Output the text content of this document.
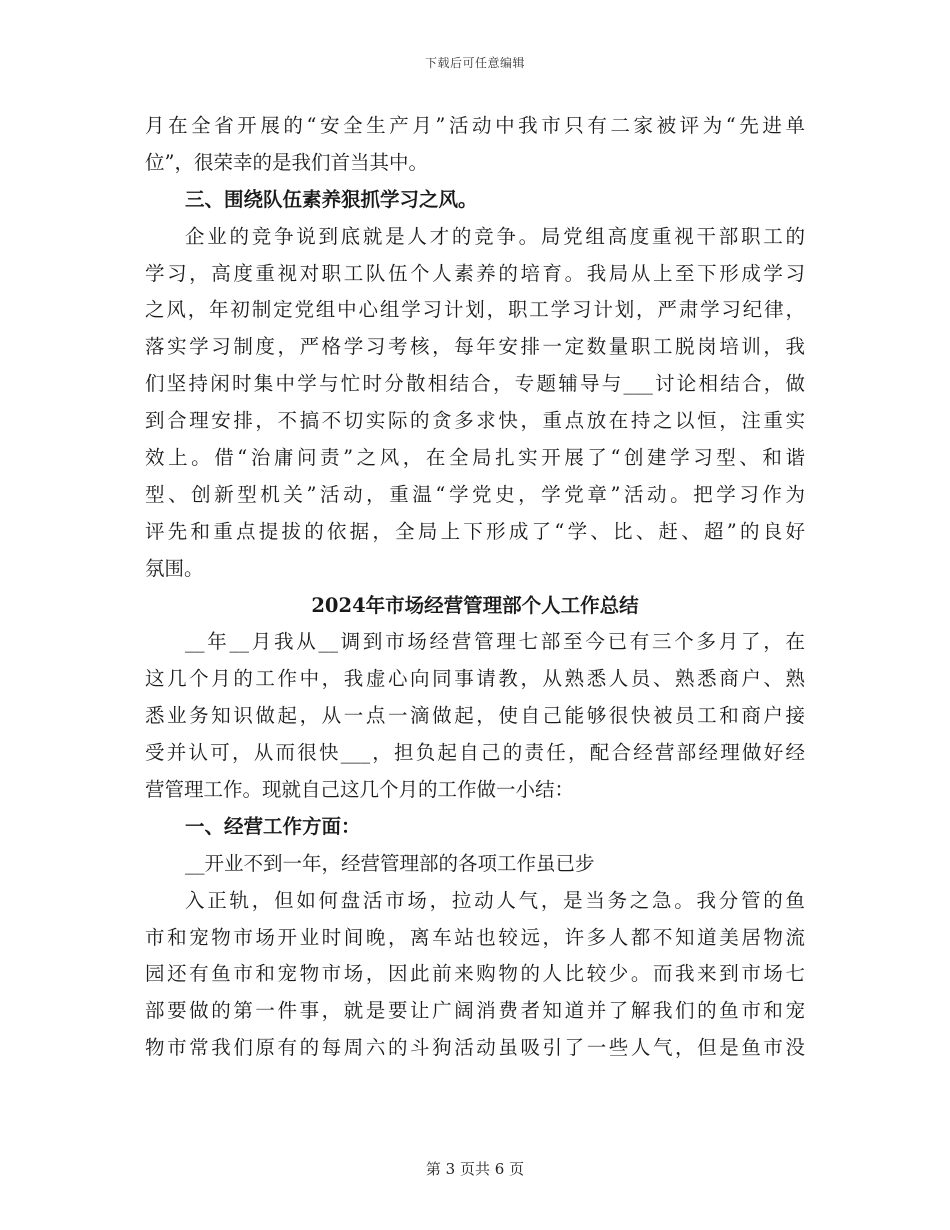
下载后可任意编辑
月在全省开展的“安全生产月”活动中我市只有二家被评为“先进单
位”，很荣幸的是我们首当其中。
三、围绕队伍素养狠抓学习之风。
企业的竞争说到底就是人才的竞争。局党组高度重视干部职工的
学习，高度重视对职工队伍个人素养的培育。我局从上至下形成学习
之风，年初制定党组中心组学习计划，职工学习计划，严肃学习纪律，
落实学习制度，严格学习考核，每年安排一定数量职工脱岗培训，我
们坚持闲时集中学与忙时分散相结合，专题辅导与___讨论相结合，做
到合理安排，不搞不切实际的贪多求快，重点放在持之以恒，注重实
效上。借“治庸问责”之风，在全局扎实开展了“创建学习型、和谐
型、创新型机关”活动，重温“学党史，学党章”活动。把学习作为
评先和重点提拔的依据，全局上下形成了“学、比、赶、超”的良好
氛围。
2024年市场经营管理部个人工作总结
__年__月我从__调到市场经营管理七部至今已有三个多月了，在
这几个月的工作中，我虚心向同事请教，从熟悉人员、熟悉商户、熟
悉业务知识做起，从一点一滴做起，使自己能够很快被员工和商户接
受并认可，从而很快___，担负起自己的责任，配合经营部经理做好经
营管理工作。现就自己这几个月的工作做一小结：
一、经营工作方面：
__开业不到一年，经营管理部的各项工作虽已步
入正轨，但如何盘活市场，拉动人气，是当务之急。我分管的鱼
市和宠物市场开业时间晚，离车站也较远，许多人都不知道美居物流
园还有鱼市和宠物市场，因此前来购物的人比较少。而我来到市场七
部要做的第一件事，就是要让广阔消费者知道并了解我们的鱼市和宠
物市常我们原有的每周六的斗狗活动虽吸引了一些人气，但是鱼市没
第 3 页共 6 页
